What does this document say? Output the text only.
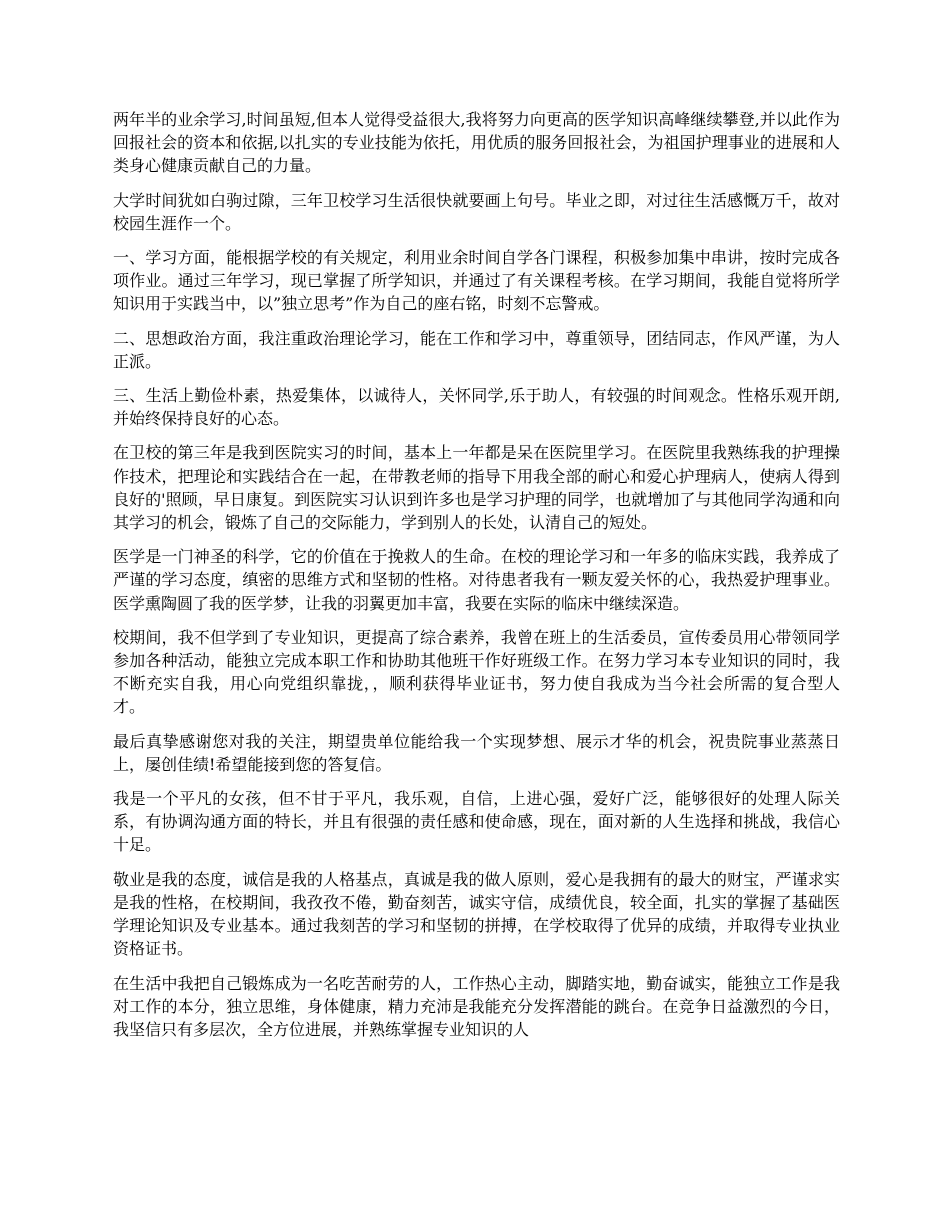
两年半的业余学习,时间虽短,但本人觉得受益很大,我将努力向更高的医学知识高峰继续攀登,并以此作为回报社会的资本和依据,以扎实的专业技能为依托，用优质的服务回报社会，为祖国护理事业的进展和人类身心健康贡献自己的力量。

大学时间犹如白驹过隙，三年卫校学习生活很快就要画上句号。毕业之即，对过往生活感慨万千，故对校园生涯作一个。

一、学习方面，能根据学校的有关规定，利用业余时间自学各门课程，积极参加集中串讲，按时完成各项作业。通过三年学习，现已掌握了所学知识，并通过了有关课程考核。在学习期间，我能自觉将所学知识用于实践当中，以”独立思考”作为自己的座右铭，时刻不忘警戒。

二、思想政治方面，我注重政治理论学习，能在工作和学习中，尊重领导，团结同志，作风严谨，为人正派。

三、生活上勤俭朴素，热爱集体，以诚待人，关怀同学,乐于助人，有较强的时间观念。性格乐观开朗,并始终保持良好的心态。

在卫校的第三年是我到医院实习的时间，基本上一年都是呆在医院里学习。在医院里我熟练我的护理操作技术，把理论和实践结合在一起，在带教老师的指导下用我全部的耐心和爱心护理病人，使病人得到良好的'照顾，早日康复。到医院实习认识到许多也是学习护理的同学，也就增加了与其他同学沟通和向其学习的机会，锻炼了自己的交际能力，学到别人的长处，认清自己的短处。

医学是一门神圣的科学，它的价值在于挽救人的生命。在校的理论学习和一年多的临床实践，我养成了严谨的学习态度，缜密的思维方式和坚韧的性格。对待患者我有一颗友爱关怀的心，我热爱护理事业。医学熏陶圆了我的医学梦，让我的羽翼更加丰富，我要在实际的临床中继续深造。

校期间，我不但学到了专业知识，更提高了综合素养，我曾在班上的生活委员，宣传委员用心带领同学参加各种活动，能独立完成本职工作和协助其他班干作好班级工作。在努力学习本专业知识的同时，我不断充实自我，用心向党组织靠拢，，顺利获得毕业证书，努力使自我成为当今社会所需的复合型人才。

最后真挚感谢您对我的关注，期望贵单位能给我一个实现梦想、展示才华的机会，祝贵院事业蒸蒸日上，屡创佳绩!希望能接到您的答复信。

我是一个平凡的女孩，但不甘于平凡，我乐观，自信，上进心强，爱好广泛，能够很好的处理人际关系，有协调沟通方面的特长，并且有很强的责任感和使命感，现在，面对新的人生选择和挑战，我信心十足。

敬业是我的态度，诚信是我的人格基点，真诚是我的做人原则，爱心是我拥有的最大的财宝，严谨求实是我的性格，在校期间，我孜孜不倦，勤奋刻苦，诚实守信，成绩优良，较全面，扎实的掌握了基础医学理论知识及专业基本。通过我刻苦的学习和坚韧的拼搏，在学校取得了优异的成绩，并取得专业执业资格证书。

在生活中我把自己锻炼成为一名吃苦耐劳的人，工作热心主动，脚踏实地，勤奋诚实，能独立工作是我对工作的本分，独立思维，身体健康，精力充沛是我能充分发挥潜能的跳台。在竞争日益激烈的今日，我坚信只有多层次，全方位进展，并熟练掌握专业知识的人
